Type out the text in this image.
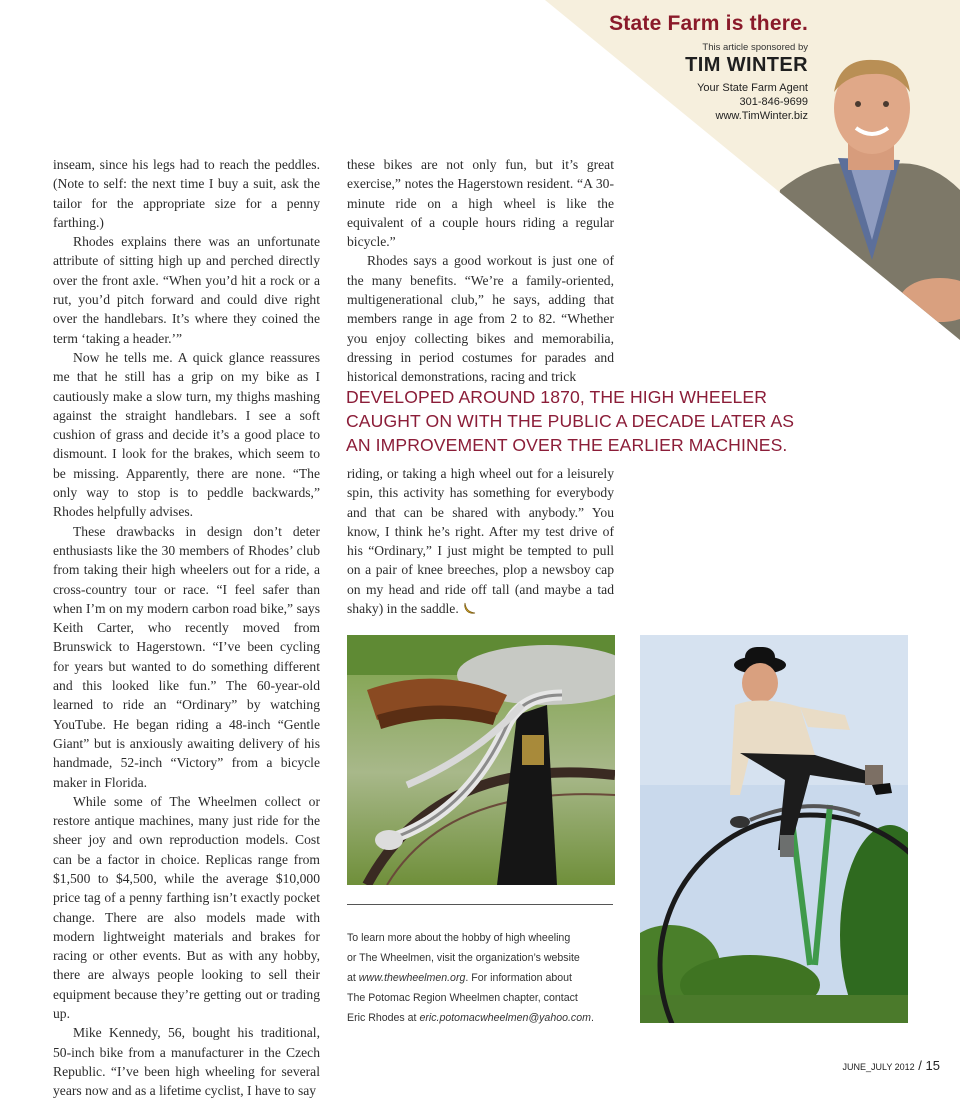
State Farm is there.
This article sponsored by
TIM WINTER
Your State Farm Agent
301-846-9699
www.TimWinter.biz

inseam, since his legs had to reach the peddles. (Note to self: the next time I buy a suit, ask the tailor for the appropriate size for a penny farthing.)

Rhodes explains there was an unfortunate attribute of sitting high up and perched directly over the front axle. “When you’d hit a rock or a rut, you’d pitch forward and could dive right over the handlebars. It’s where they coined the term ‘taking a header.’”

Now he tells me. A quick glance reassures me that he still has a grip on my bike as I cautiously make a slow turn, my thighs mashing against the straight handlebars. I see a soft cushion of grass and decide it’s a good place to dismount. I look for the brakes, which seem to be missing. Apparently, there are none. “The only way to stop is to peddle backwards,” Rhodes helpfully advises.

These drawbacks in design don’t deter enthusiasts like the 30 members of Rhodes’ club from taking their high wheelers out for a ride, a cross-country tour or race. “I feel safer than when I’m on my modern carbon road bike,” says Keith Carter, who recently moved from Brunswick to Hagerstown. “I’ve been cycling for years but wanted to do something different and this looked like fun.” The 60-year-old learned to ride an “Ordinary” by watching YouTube. He began riding a 48-inch “Gentle Giant” but is anxiously awaiting delivery of his handmade, 52-inch “Victory” from a bicycle maker in Florida.

While some of The Wheelmen collect or restore antique machines, many just ride for the sheer joy and own reproduction models. Cost can be a factor in choice. Replicas range from $1,500 to $4,500, while the average $10,000 price tag of a penny farthing isn’t exactly pocket change. There are also models made with modern lightweight materials and brakes for racing or other events. But as with any hobby, there are always people looking to sell their equipment because they’re getting out or trading up.

Mike Kennedy, 56, bought his traditional, 50-inch bike from a manufacturer in the Czech Republic. “I’ve been high wheeling for several years now and as a lifetime cyclist, I have to say

these bikes are not only fun, but it’s great exercise,” notes the Hagerstown resident. “A 30-minute ride on a high wheel is like the equivalent of a couple hours riding a regular bicycle.”

Rhodes says a good workout is just one of the many benefits. “We’re a family-oriented, multigenerational club,” he says, adding that members range in age from 2 to 82. “Whether you enjoy collecting bikes and memorabilia, dressing in period costumes for parades and historical demonstrations, racing and trick

DEVELOPED AROUND 1870, THE HIGH WHEELER CAUGHT ON WITH THE PUBLIC A DECADE LATER AS AN IMPROVEMENT OVER THE EARLIER MACHINES.

riding, or taking a high wheel out for a leisurely spin, this activity has something for everybody and that can be shared with anybody.” You know, I think he’s right. After my test drive of his “Ordinary,” I just might be tempted to pull on a pair of knee breeches, plop a newsboy cap on my head and ride off tall (and maybe a tad shaky) in the saddle.

To learn more about the hobby of high wheeling
or The Wheelmen, visit the organization’s website
at www.thewheelmen.org. For information about
The Potomac Region Wheelmen chapter, contact
Eric Rhodes at eric.potomacwheelmen@yahoo.com.
JUNE_JULY 2012 / 15
